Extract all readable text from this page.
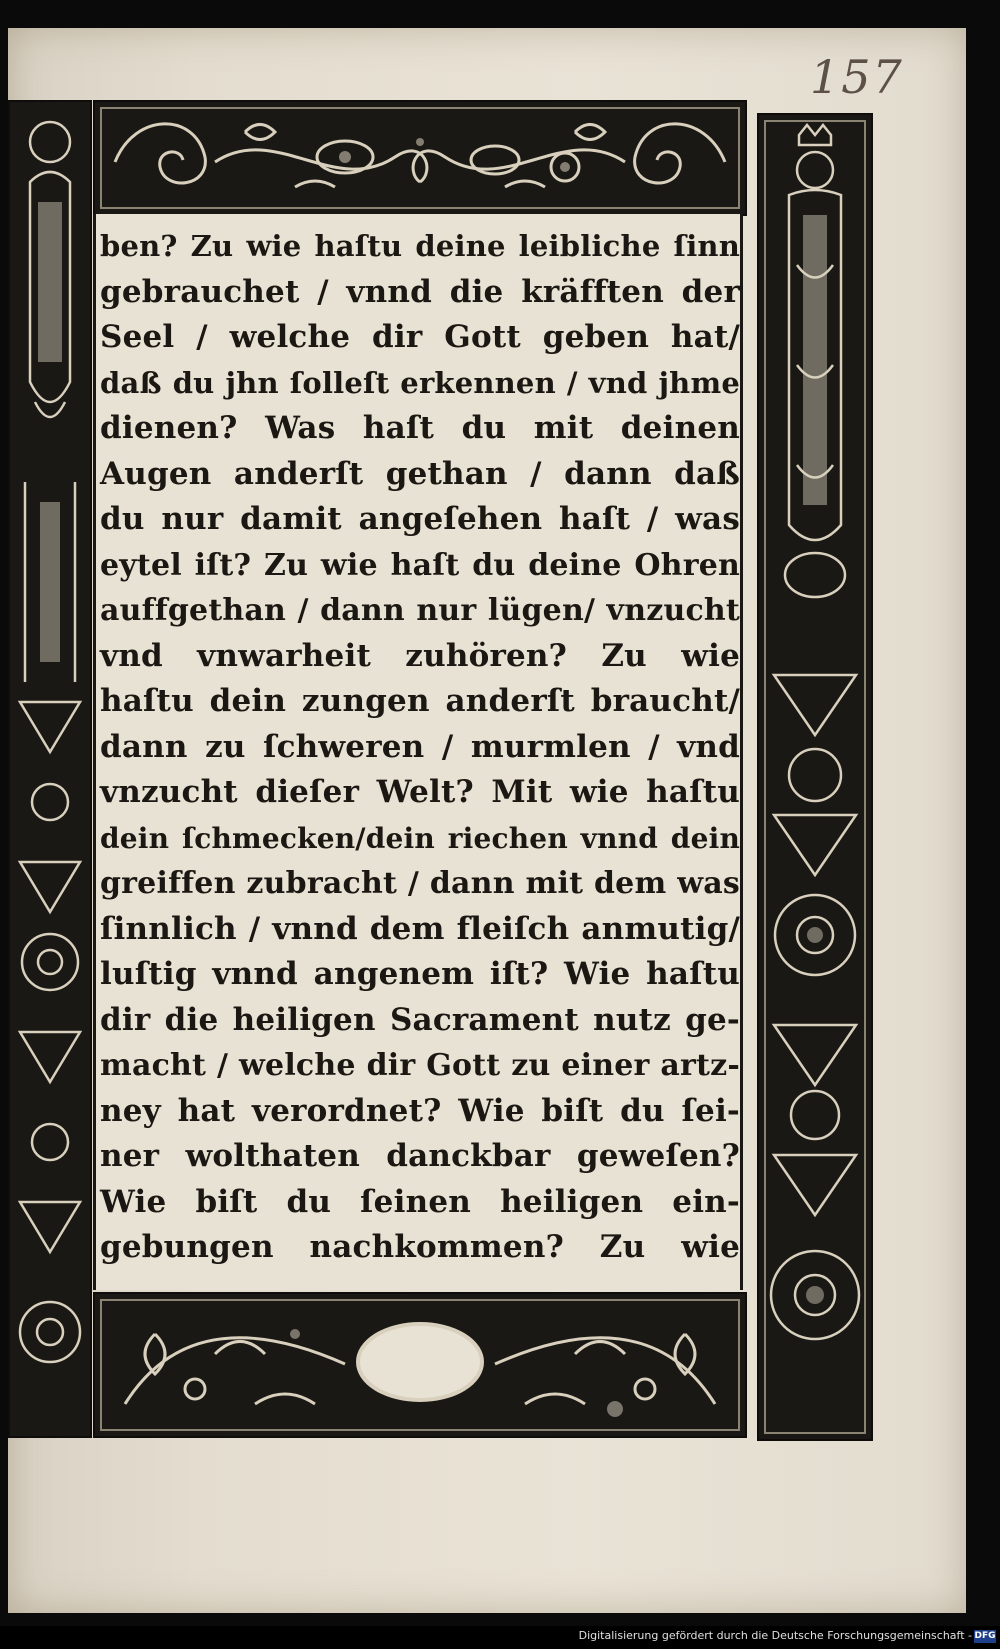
157
ben? Zu wie haſtu deine leibliche ſinn
gebrauchet / vnnd die kräfften der
Seel / welche dir Gott geben hat/
daß du jhn ſolleſt erkennen / vnd jhme
dienen? Was haſt du mit deinen
Augen anderſt gethan / dann daß
du nur damit angeſehen haſt / was
eytel iſt? Zu wie haſt du deine Ohren
auffgethan / dann nur lügen/ vnzucht
vnd vnwarheit zuhören? Zu wie
haſtu dein zungen anderſt braucht/
dann zu ſchweren / murmlen / vnd
vnzucht dieſer Welt? Mit wie haſtu
dein ſchmecken/dein riechen vnnd dein
greiffen zubracht / dann mit dem was
ſinnlich / vnnd dem fleiſch anmutig/
luſtig vnnd angenem iſt? Wie haſtu
dir die heiligen Sacrament nutz ge-
macht / welche dir Gott zu einer artz-
ney hat verordnet? Wie biſt du ſei-
ner wolthaten danckbar geweſen?
Wie biſt du ſeinen heiligen ein-
gebungen nachkommen? Zu wie
Digitalisierung gefördert durch die Deutsche Forschungsgemeinschaft - DFG
